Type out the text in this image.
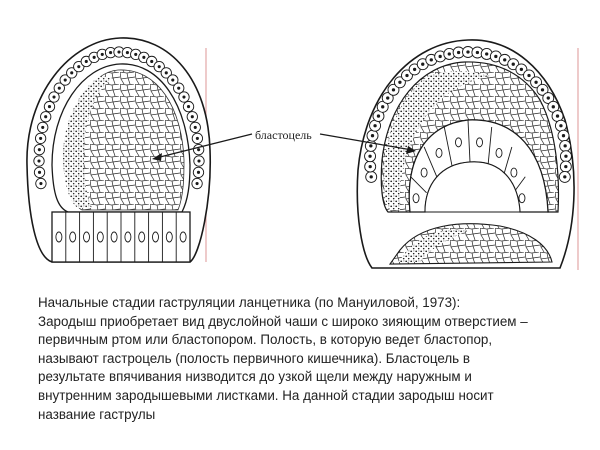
бластоцель
Начальные стадии гаструляции ланцетника (по Мануиловой, 1973):
Зародыш приобретает вид двуслойной чаши с широко зияющим отверстием –
первичным ртом или бластопором. Полость, в которую ведет бластопор,
называют гастроцель (полость первичного кишечника). Бластоцель в
результате впячивания низводится до узкой щели между наружным и
внутренним зародышевыми листками. На данной стадии зародыш носит
название гаструлы
